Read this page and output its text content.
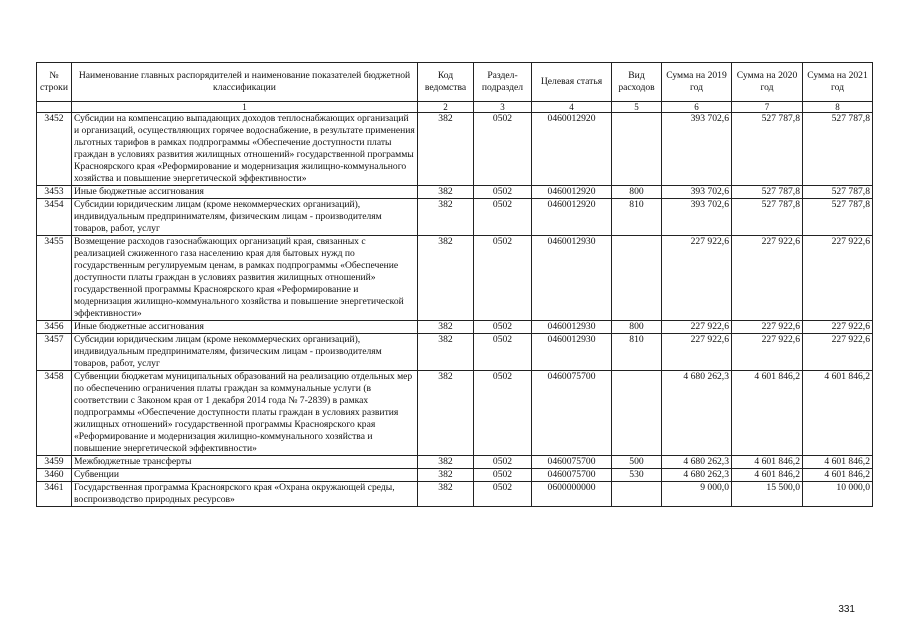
№ строки	Наименование главных распорядителей и наименование показателей бюджетной классификации	Код ведомства	Раздел-подраздел	Целевая статья	Вид расходов	Сумма на 2019 год	Сумма на 2020 год	Сумма на 2021 год
	1	2	3	4	5	6	7	8
3452	Субсидии на компенсацию выпадающих доходов теплоснабжающих организаций и организаций, осуществляющих горячее водоснабжение, в результате применения льготных тарифов в рамках подпрограммы «Обеспечение доступности платы граждан в условиях развития жилищных отношений» государственной программы Красноярского края «Реформирование и модернизация жилищно-коммунального хозяйства и повышение энергетической эффективности»	382	0502	0460012920		393 702,6	527 787,8	527 787,8
3453	Иные бюджетные ассигнования	382	0502	0460012920	800	393 702,6	527 787,8	527 787,8
3454	Субсидии юридическим лицам (кроме некоммерческих организаций), индивидуальным предпринимателям, физическим лицам - производителям товаров, работ, услуг	382	0502	0460012920	810	393 702,6	527 787,8	527 787,8
3455	Возмещение расходов газоснабжающих организаций края, связанных с реализацией сжиженного газа населению края для бытовых нужд по государственным регулируемым ценам, в рамках подпрограммы «Обеспечение доступности платы граждан в условиях развития жилищных отношений» государственной программы Красноярского края «Реформирование и модернизация жилищно-коммунального хозяйства и повышение энергетической эффективности»	382	0502	0460012930		227 922,6	227 922,6	227 922,6
3456	Иные бюджетные ассигнования	382	0502	0460012930	800	227 922,6	227 922,6	227 922,6
3457	Субсидии юридическим лицам (кроме некоммерческих организаций), индивидуальным предпринимателям, физическим лицам - производителям товаров, работ, услуг	382	0502	0460012930	810	227 922,6	227 922,6	227 922,6
3458	Субвенции бюджетам муниципальных образований на реализацию отдельных мер по обеспечению ограничения платы граждан за коммунальные услуги (в соответствии с Законом края от 1 декабря 2014 года № 7-2839) в рамках подпрограммы «Обеспечение доступности платы граждан в условиях развития жилищных отношений» государственной программы Красноярского края «Реформирование и модернизация жилищно-коммунального хозяйства и повышение энергетической эффективности»	382	0502	0460075700		4 680 262,3	4 601 846,2	4 601 846,2
3459	Межбюджетные трансферты	382	0502	0460075700	500	4 680 262,3	4 601 846,2	4 601 846,2
3460	Субвенции	382	0502	0460075700	530	4 680 262,3	4 601 846,2	4 601 846,2
3461	Государственная программа Красноярского края «Охрана окружающей среды, воспроизводство природных ресурсов»	382	0502	0600000000		9 000,0	15 500,0	10 000,0
331
